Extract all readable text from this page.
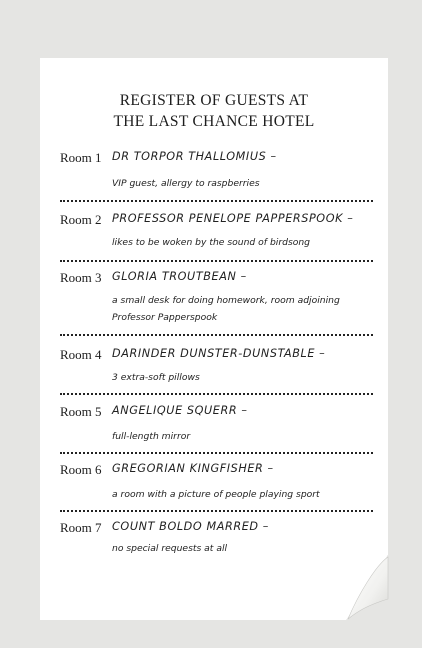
REGISTER OF GUESTS AT
THE LAST CHANCE HOTEL
Room 1 DR TORPOR THALLOMIUS –
VIP guest, allergy to raspberries
Room 2 PROFESSOR PENELOPE PAPPERSPOOK –
likes to be woken by the sound of birdsong
Room 3 GLORIA TROUTBEAN –
a small desk for doing homework, room adjoining
Professor Papperspook
Room 4 DARINDER DUNSTER-DUNSTABLE –
3 extra-soft pillows
Room 5 ANGELIQUE SQUERR –
full-length mirror
Room 6 GREGORIAN KINGFISHER –
a room with a picture of people playing sport
Room 7 COUNT BOLDO MARRED –
no special requests at all
